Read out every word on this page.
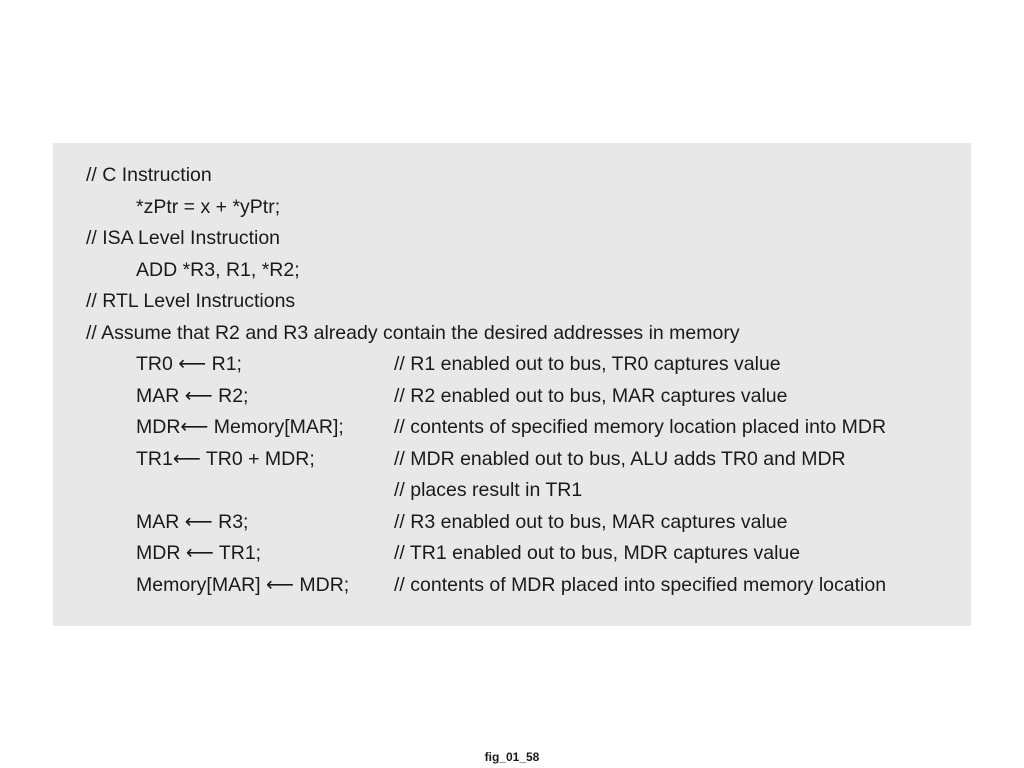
// C Instruction
*zPtr = x + *yPtr;
// ISA Level Instruction
ADD *R3, R1, *R2;
// RTL Level Instructions
// Assume that R2 and R3 already contain the desired addresses in memory
TR0 ⟵ R1;	// R1 enabled out to bus, TR0 captures value
MAR ⟵ R2;	// R2 enabled out to bus, MAR captures value
MDR⟵ Memory[MAR];	// contents of specified memory location placed into MDR
TR1⟵ TR0 + MDR;	// MDR enabled out to bus, ALU adds TR0 and MDR
// places result in TR1
MAR ⟵ R3;	// R3 enabled out to bus, MAR captures value
MDR ⟵ TR1;	// TR1 enabled out to bus, MDR captures value
Memory[MAR] ⟵ MDR; // contents of MDR placed into specified memory location
fig_01_58
